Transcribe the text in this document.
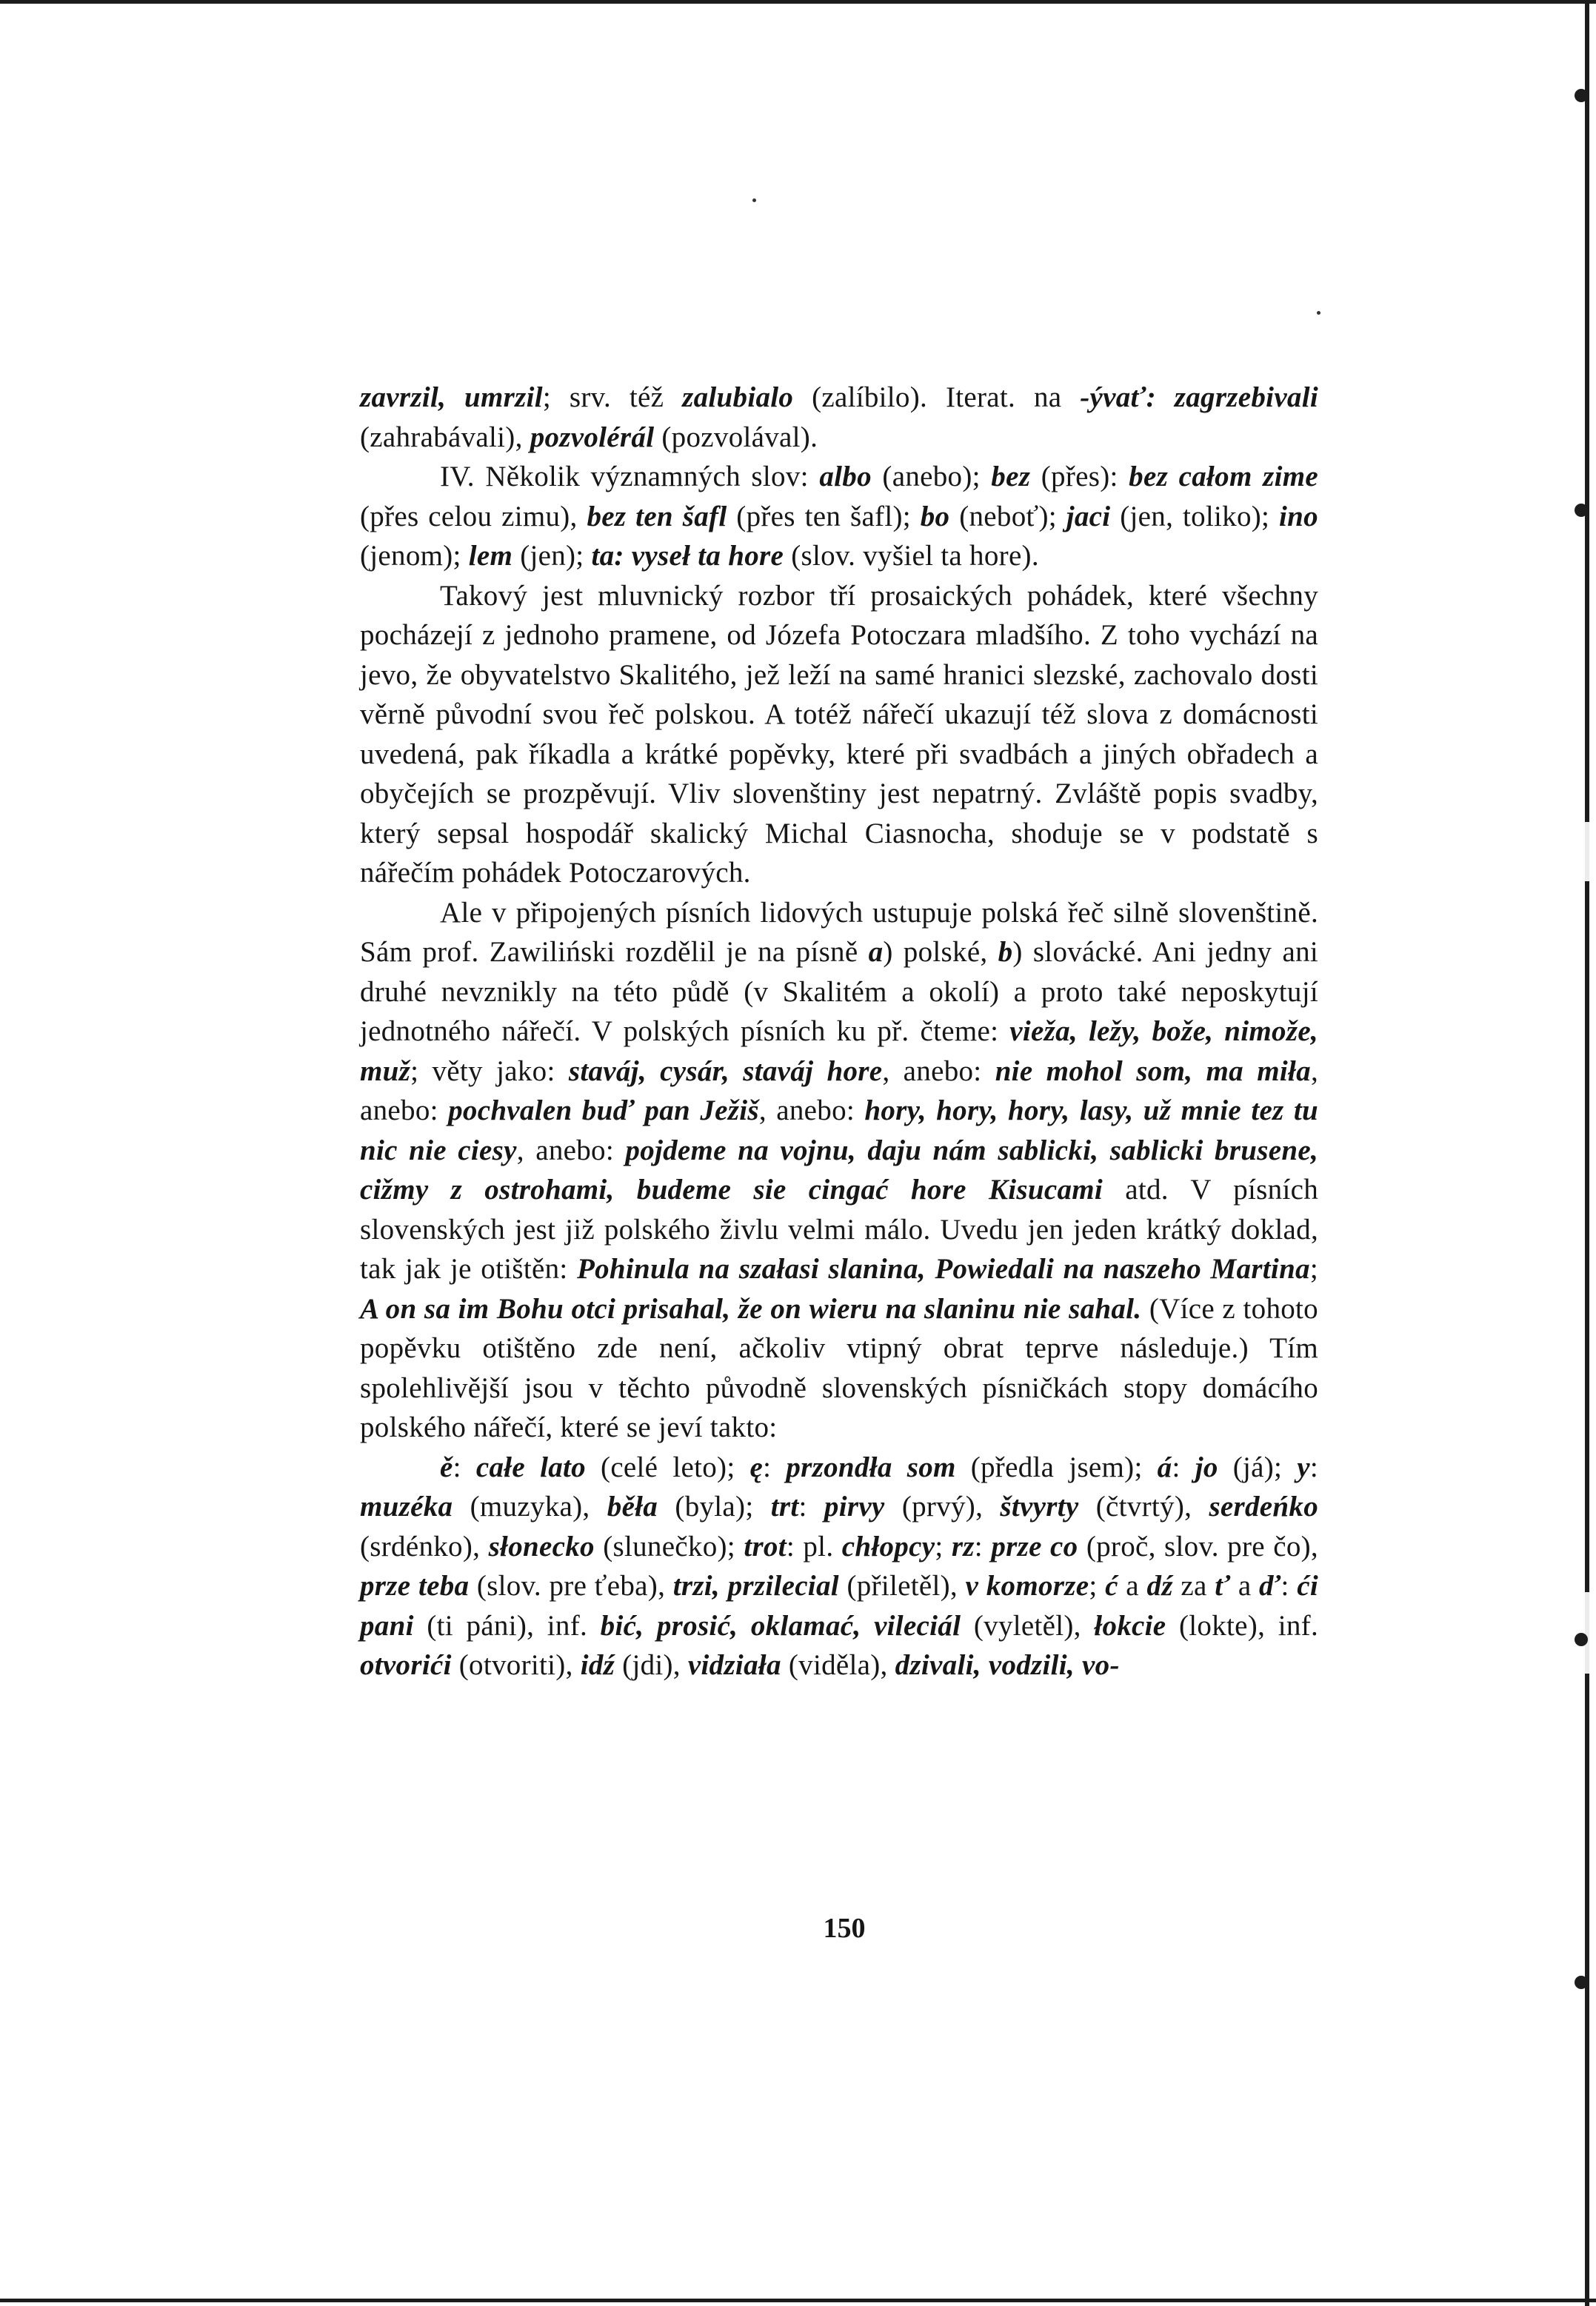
zavrzil, umrzil; srv. též zalubialo (zalíbilo). Iterat. na -ývať: zagrzebivali (zahrabávali), pozvolérál (pozvolával).

IV. Několik významných slov: albo (anebo); bez (přes): bez całom zime (přes celou zimu), bez ten šafl (přes ten šafl); bo (neboť); jaci (jen, toliko); ino (jenom); lem (jen); ta: vyseł ta hore (slov. vyšiel ta hore).

Takový jest mluvnický rozbor tří prosaických pohádek, které všechny pocházejí z jednoho pramene, od Józefa Potoczara mladšího. Z toho vychází na jevo, že obyvatelstvo Skalitého, jež leží na samé hranici slezské, zachovalo dosti věrně původní svou řeč polskou. A totéž nářečí ukazují též slova z domácnosti uvedená, pak říkadla a krátké popěvky, které při svadbách a jiných obřadech a obyčejích se prozpěvují. Vliv slovenštiny jest nepatrný. Zvláště popis svadby, který sepsal hospodář skalický Michal Ciasnocha, shoduje se v podstatě s nářečím pohádek Potoczarových.

Ale v připojených písních lidových ustupuje polská řeč silně slovenštině. Sám prof. Zawiliński rozdělil je na písně a) polské, b) slovácké. Ani jedny ani druhé nevznikly na této půdě (v Skalitém a okolí) a proto také neposkytují jednotného nářečí. V polských písních ku př. čteme: vieža, ležy, bože, nimože, muž; věty jako: staváj, cysár, staváj hore, anebo: nie mohol som, ma miła, anebo: pochvalen buď pan Ježiš, anebo: hory, hory, hory, lasy, už mnie tez tu nic nie ciesy, anebo: pojdeme na vojnu, daju nám sablicki, sablicki brusene, cižmy z ostrohami, budeme sie cingać hore Kisucami atd. V písních slovenských jest již polského živlu velmi málo. Uvedu jen jeden krátký doklad, tak jak je otištěn: Pohinula na szałasi slanina, Powiedali na naszeho Martina; A on sa im Bohu otci prisahal, že on wieru na slaninu nie sahal. (Více z tohoto popěvku otištěno zde není, ačkoliv vtipný obrat teprve následuje.) Tím spolehlivější jsou v těchto původně slovenských písničkách stopy domácího polského nářečí, které se jeví takto:

ě: całe lato (celé leto); ę: przondła som (předla jsem); á: jo (já); y: muzéka (muzyka), běła (byla); trt: pirvy (prvý), štvyrty (čtvrtý), serdeńko (srdénko), słonecko (slunečko); trot: pl. chłopcy; rz: prze co (proč, slov. pre čo), prze teba (slov. pre ťeba), trzi, przilecial (přiletěl), v komorze; ć a dź za ť a ď: ći pani (ti páni), inf. bić, prosić, oklamać, vileciál (vyletěl), łokcie (lokte), inf. otvorići (otvoriti), idź (jdi), vidziała (viděla), dzivali, vodzili, vo-

150
